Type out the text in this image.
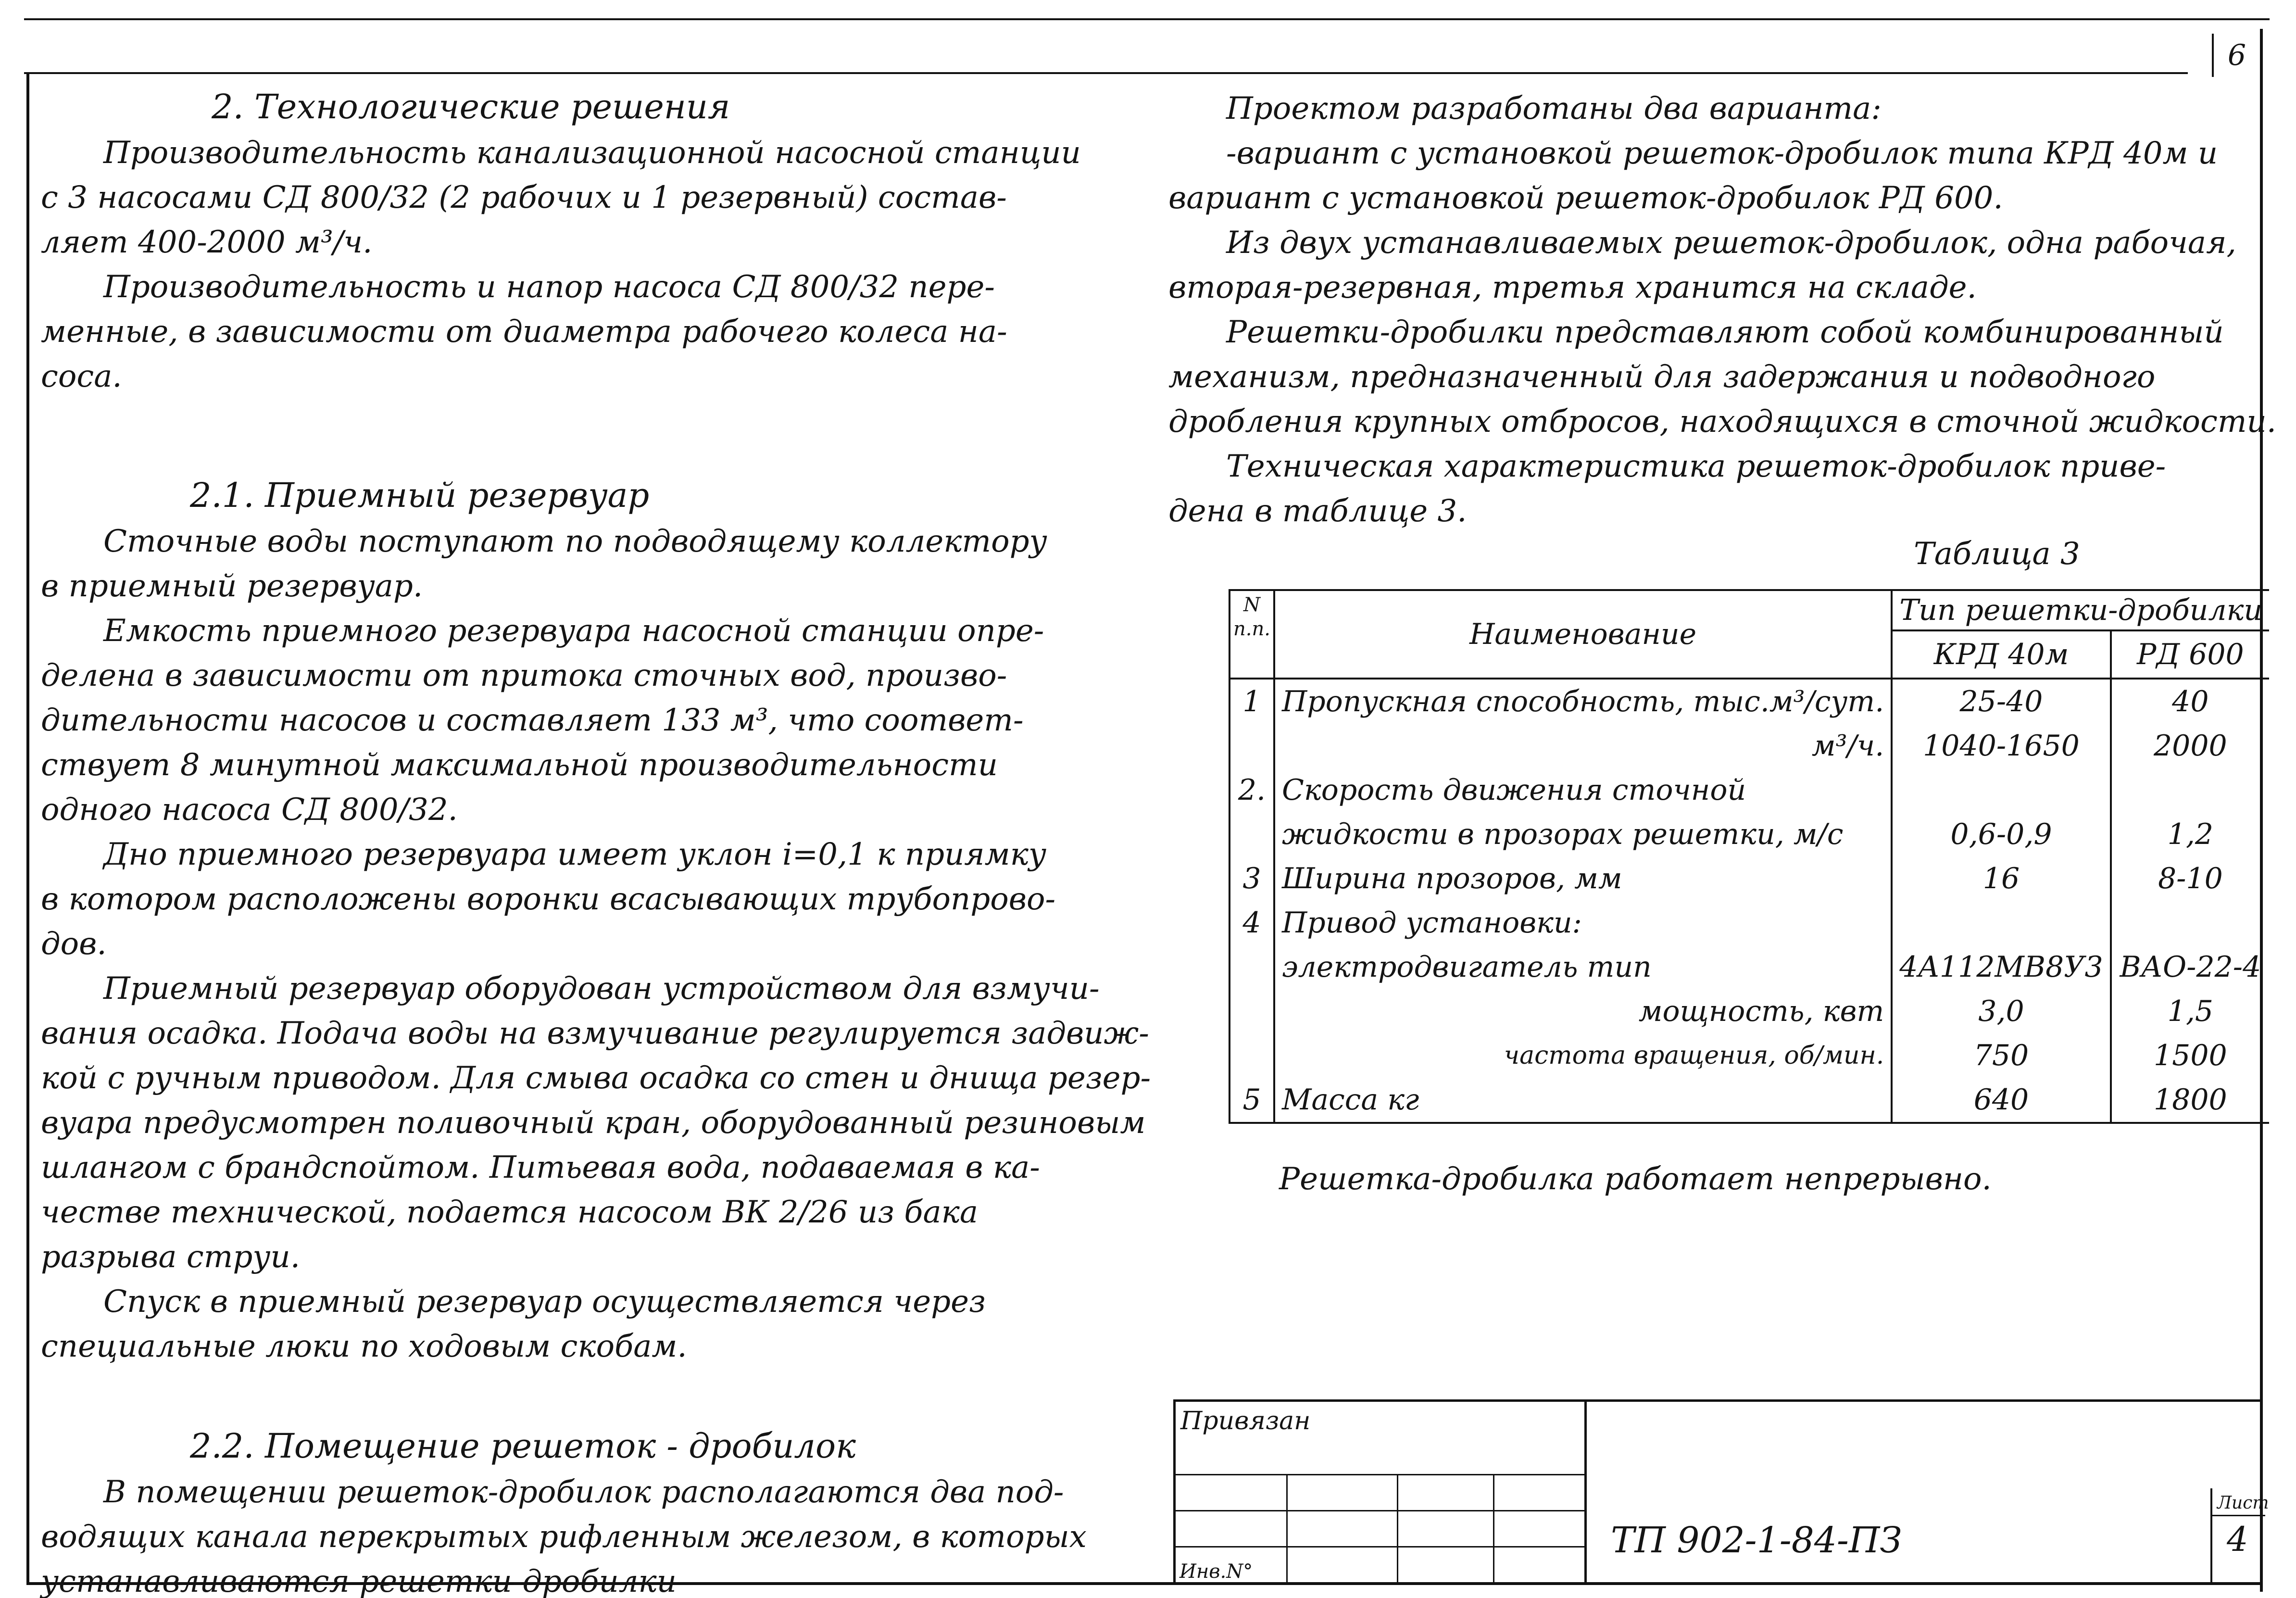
6
2. Технологические решения

Производительность канализационной насосной станции

с 3 насосами СД 800/32 (2 рабочих и 1 резервный) состав-

ляет 400-2000 м³/ч.

Производительность и напор насоса СД 800/32 пере-

менные, в зависимости от диаметра рабочего колеса на-

соса.

2.1. Приемный резервуар

Сточные воды поступают по подводящему коллектору

в приемный резервуар.

Емкость приемного резервуара насосной станции опре-

делена в зависимости от притока сточных вод, произво-

дительности насосов и составляет 133 м³, что соответ-

ствует 8 минутной максимальной производительности

одного насоса СД 800/32.

Дно приемного резервуара имеет уклон i=0,1 к приямку

в котором расположены воронки всасывающих трубопрово-

дов.

Приемный резервуар оборудован устройством для взмучи-

вания осадка. Подача воды на взмучивание регулируется задвиж-

кой с ручным приводом. Для смыва осадка со стен и днища резер-

вуара предусмотрен поливочный кран, оборудованный резиновым

шлангом с брандспойтом. Питьевая вода, подаваемая в ка-

честве технической, подается насосом ВК 2/26 из бака

разрыва струи.

Спуск в приемный резервуар осуществляется через

специальные люки по ходовым скобам.

2.2. Помещение решеток - дробилок

В помещении решеток-дробилок располагаются два под-

водящих канала перекрытых рифленным железом, в которых

устанавливаются решетки-дробилки

Проектом разработаны два варианта:

-вариант с установкой решеток-дробилок типа КРД 40м и

вариант с установкой решеток-дробилок РД 600.

Из двух устанавливаемых решеток-дробилок, одна рабочая,

вторая-резервная, третья хранится на складе.

Решетки-дробилки представляют собой комбинированный

механизм, предназначенный для задержания и подводного

дробления крупных отбросов, находящихся в сточной жидкости.

Техническая характеристика решеток-дробилок приве-

дена в таблице 3.

Таблица 3
N п.п.	Наименование	Тип решетки-дробилки	
		КРД 40м	РД 600
1	Пропускная способность, тыс.м³/сут.	25-40	40
	м³/ч.	1040-1650	2000
2.	Скорость движения сточной		
	жидкости в прозорах решетки, м/с	0,6-0,9	1,2
3	Ширина прозоров, мм	16	8-10
4	Привод установки:		
	электродвигатель тип	4А112МВ8У3	ВАО-22-4
	мощность, квт	3,0	1,5
	частота вращения, об/мин.	750	1500
5	Масса кг	640	1800
Решетка-дробилка работает непрерывно.
Привязан
Инв.N°
ТП 902-1-84-ПЗ
Лист
4
